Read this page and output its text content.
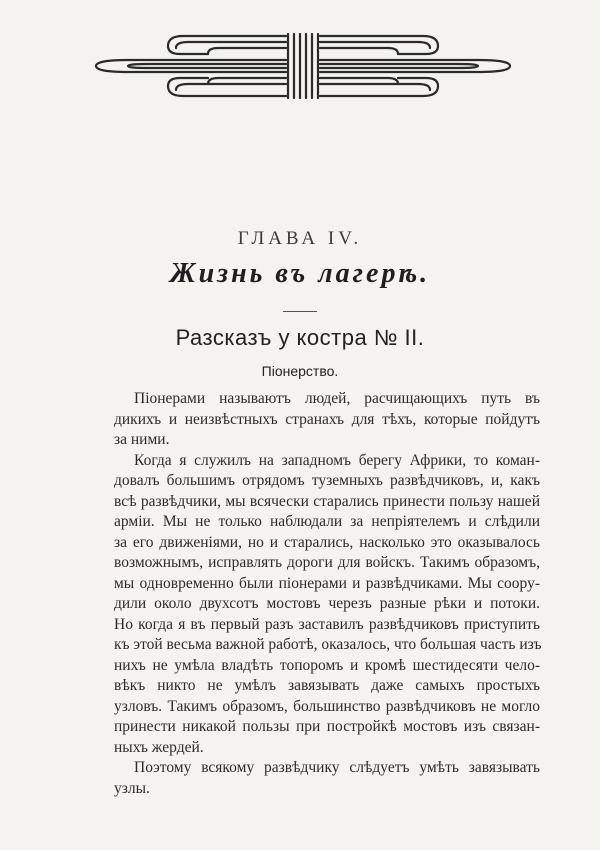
ГЛАВА IV.
Жизнь въ лагерѣ.
Разсказъ у костра № II.
Піонерство.
Піонерами называютъ людей, расчищающихъ путь въ
дикихъ и неизвѣстныхъ странахъ для тѣхъ, которые пойдутъ
за ними.
Когда я служилъ на западномъ берегу Африки, то коман-
довалъ большимъ отрядомъ туземныхъ развѣдчиковъ, и, какъ
всѣ развѣдчики, мы всячески старались принести пользу нашей
арміи. Мы не только наблюдали за непріятелемъ и слѣдили
за его движеніями, но и старались, насколько это оказывалось
возможнымъ, исправлять дороги для войскъ. Такимъ образомъ,
мы одновременно были піонерами и развѣдчиками. Мы соору-
дили около двухсотъ мостовъ черезъ разные рѣки и потоки.
Но когда я въ первый разъ заставилъ развѣдчиковъ приступить
къ этой весьма важной работѣ, оказалось, что большая часть изъ
нихъ не умѣла владѣть топоромъ и кромѣ шестидесяти чело-
вѣкъ никто не умѣлъ завязывать даже самыхъ простыхъ
узловъ. Такимъ образомъ, большинство развѣдчиковъ не могло
принести никакой пользы при постройкѣ мостовъ изъ связан-
ныхъ жердей.
Поэтому всякому развѣдчику слѣдуетъ умѣть завязывать
узлы.
